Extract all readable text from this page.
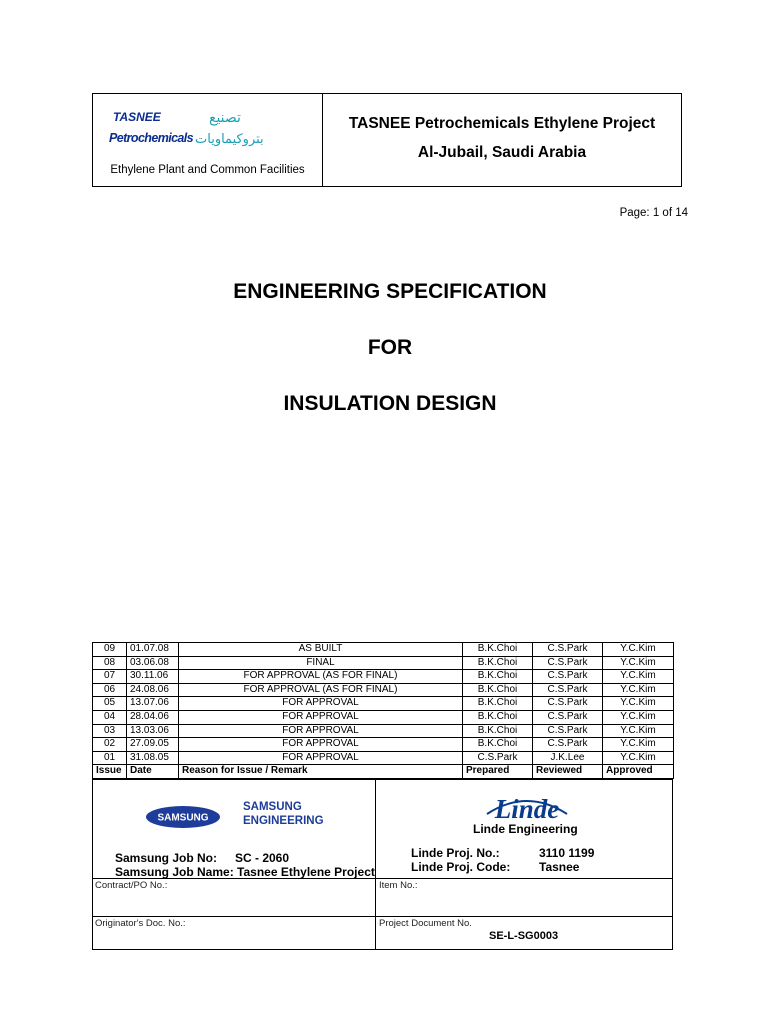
TASNEE	تصنيع
Petrochemicals بتروكيماويات
Ethylene Plant and Common Facilities
TASNEE Petrochemicals Ethylene Project
Al-Jubail, Saudi Arabia
Page: 1 of 14
ENGINEERING SPECIFICATION
FOR
INSULATION DESIGN
09	01.07.08	AS BUILT	B.K.Choi	C.S.Park	Y.C.Kim
08	03.06.08	FINAL	B.K.Choi	C.S.Park	Y.C.Kim
07	30.11.06	FOR APPROVAL (AS FOR FINAL)	B.K.Choi	C.S.Park	Y.C.Kim
06	24.08.06	FOR APPROVAL (AS FOR FINAL)	B.K.Choi	C.S.Park	Y.C.Kim
05	13.07.06	FOR APPROVAL	B.K.Choi	C.S.Park	Y.C.Kim
04	28.04.06	FOR APPROVAL	B.K.Choi	C.S.Park	Y.C.Kim
03	13.03.06	FOR APPROVAL	B.K.Choi	C.S.Park	Y.C.Kim
02	27.09.05	FOR APPROVAL	B.K.Choi	C.S.Park	Y.C.Kim
01	31.08.05	FOR APPROVAL	C.S.Park	J.K.Lee	Y.C.Kim
Issue	Date	Reason for Issue / Remark	Prepared	Reviewed	Approved
SAMSUNG
SAMSUNG
ENGINEERING
Samsung Job No: SC - 2060
Samsung Job Name: Tasnee Ethylene Project
Linde
Linde Engineering
Linde Proj. No.:	3110 1199
Linde Proj. Code: Tasnee
Contract/PO No.:	Item No.:
Originator's Doc. No.:	Project Document No.
SE-L-SG0003
